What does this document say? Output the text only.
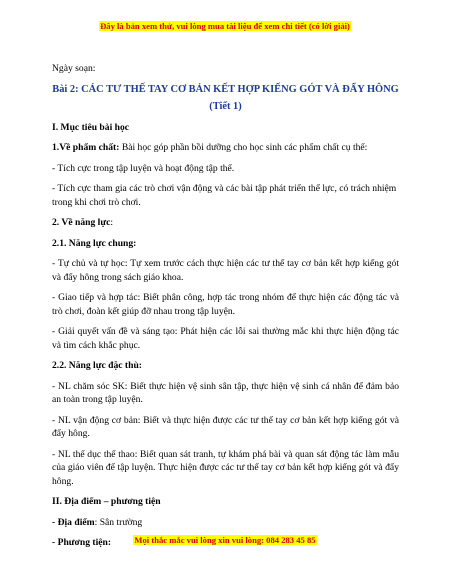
Đây là bản xem thử, vui lòng mua tài liệu để xem chi tiết (có lời giải)

Ngày soạn:

Bài 2: CÁC TƯ THẾ TAY CƠ BẢN KẾT HỢP KIẾNG GÓT VÀ ĐẨY HÔNG

(Tiết 1)

I. Mục tiêu bài học

1.Về phẩm chất: Bài học góp phần bồi dưỡng cho học sinh các phẩm chất cụ thể:

- Tích cực trong tập luyện và hoạt động tập thể.

- Tích cực tham gia các trò chơi vận động và các bài tập phát triển thể lực, có trách nhiệm trong khi chơi trò chơi.

2. Về năng lực:

2.1. Năng lực chung:

- Tự chủ và tự học: Tự xem trước cách thực hiện các tư thế tay cơ bản kết hợp kiếng gót và đẩy hông trong sách giáo khoa.

- Giao tiếp và hợp tác: Biết phân công, hợp tác trong nhóm để thực hiện các động tác và trò chơi, đoàn kết giúp đỡ nhau trong tập luyện.

- Giải quyết vấn đề và sáng tạo: Phát hiện các lỗi sai thường mắc khi thực hiện động tác và tìm cách khắc phục.

2.2. Năng lực đặc thù:

- NL chăm sóc SK: Biết thực hiện vệ sinh sân tập, thực hiện vệ sinh cá nhân để đảm bảo an toàn trong tập luyện.

- NL vận động cơ bản: Biết và thực hiện được các tư thế tay cơ bản kết hợp kiếng gót và đẩy hông.

- NL thể dục thể thao: Biết quan sát tranh, tự khám phá bài và quan sát động tác làm mẫu của giáo viên để tập luyện. Thực hiện được các tư thế tay cơ bản kết hợp kiếng gót và đẩy hông.

II. Địa điểm – phương tiện

- Địa điểm: Sân trường

- Phương tiện:	Mọi thắc mắc vui lòng xin vui lòng: 084 283 45 85
